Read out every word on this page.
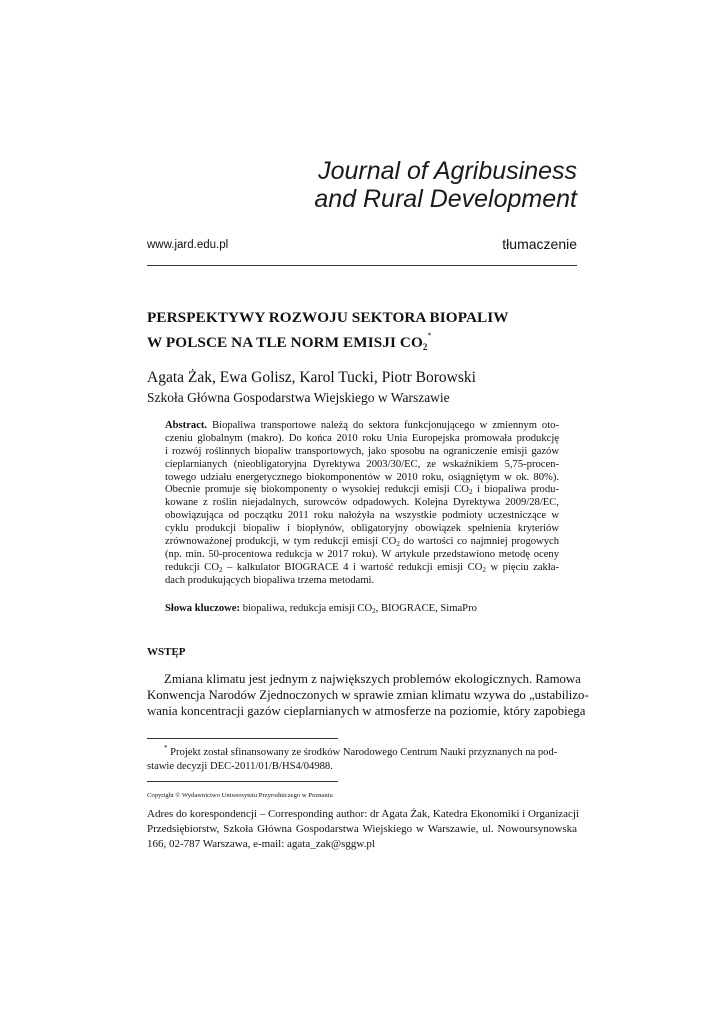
Journal of Agribusiness
and Rural Development
www.jard.edu.pl	tłumaczenie
PERSPEKTYWY ROZWOJU SEKTORA BIOPALIW
W POLSCE NA TLE NORM EMISJI $CO_2^*$
Agata Żak, Ewa Golisz, Karol Tucki, Piotr Borowski
Szkoła Główna Gospodarstwa Wiejskiego w Warszawie
Abstract. Biopaliwa transportowe należą do sektora funkcjonującego w zmiennym oto-
czeniu globalnym (makro). Do końca 2010 roku Unia Europejska promowała produkcję
i rozwój roślinnych biopaliw transportowych, jako sposobu na ograniczenie emisji gazów
cieplarnianych (nieobligatoryjna Dyrektywa 2003/30/EC, ze wskaźnikiem 5,75-procen-
towego udziału energetycznego biokomponentów w 2010 roku, osiągniętym w ok. 80%).
Obecnie promuje się biokomponenty o wysokiej redukcji emisji $CO_2$ i biopaliwa produ-
kowane z roślin niejadalnych, surowców odpadowych. Kolejna Dyrektywa 2009/28/EC,
obowiązująca od początku 2011 roku nałożyła na wszystkie podmioty uczestniczące w
cyklu produkcji biopaliw i biopłynów, obligatoryjny obowiązek spełnienia kryteriów
zrównoważonej produkcji, w tym redukcji emisji $CO_2$ do wartości co najmniej progowych
(np. min. 50-procentowa redukcja w 2017 roku). W artykule przedstawiono metodę oceny
redukcji $CO_2$ – kalkulator BIOGRACE 4 i wartość redukcji emisji $CO_2$ w pięciu zakła-
dach produkujących biopaliwa trzema metodami.
Słowa kluczowe: biopaliwa, redukcja emisji $CO_2$, BIOGRACE, SimaPro
WSTĘP
Zmiana klimatu jest jednym z największych problemów ekologicznych. Ramowa
Konwencja Narodów Zjednoczonych w sprawie zmian klimatu wzywa do „ustabilizo-
wania koncentracji gazów cieplarnianych w atmosferze na poziomie, który zapobiega
* Projekt został sfinansowany ze środków Narodowego Centrum Nauki przyznanych na pod-
stawie decyzji DEC-2011/01/B/HS4/04988.
Copyright © Wydawnictwo Uniwersytetu Przyrodniczego w Poznaniu
Adres do korespondencji – Corresponding author: dr Agata Żak, Katedra Ekonomiki i Organizacji
Przedsiębiorstw, Szkoła Główna Gospodarstwa Wiejskiego w Warszawie, ul. Nowoursynowska
166, 02-787 Warszawa, e-mail: agata_zak@sggw.pl
